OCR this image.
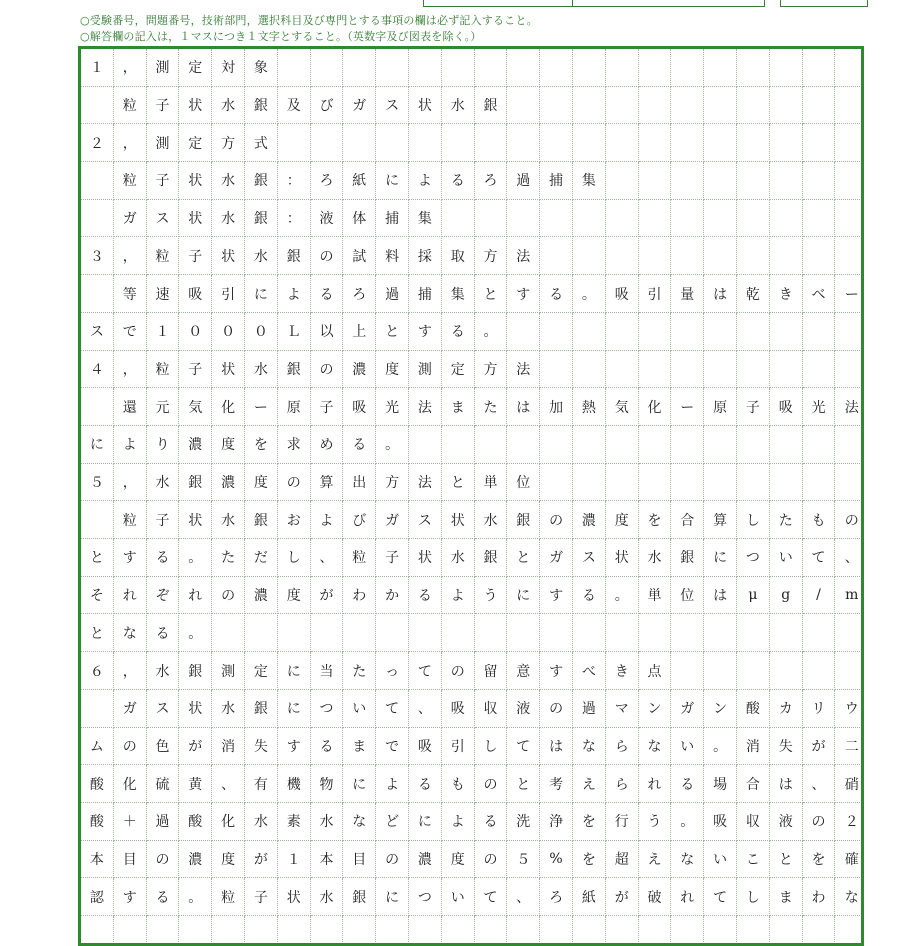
○受験番号，問題番号，技術部門，選択科目及び専門とする事項の欄は必ず記入すること。
○解答欄の記入は，１マスにつき１文字とすること。（英数字及び図表を除く。）
１	，	測	定	対	象
粒	子	状	水	銀	及	び	ガ	ス	状	水	銀
２	，	測	定	方	式
粒	子	状	水	銀	：	ろ	紙	に	よ	る	ろ	過	捕	集
ガ	ス	状	水	銀	：	液	体	捕	集
３	，	粒	子	状	水	銀	の	試	料	採	取	方	法
等	速	吸	引	に	よ	る	ろ	過	捕	集	と	す	る	。	吸	引	量	は	乾	き	ベ	ー
ス	で	１	０	０	０	Ｌ	以	上	と	す	る	。
４	，	粒	子	状	水	銀	の	濃	度	測	定	方	法
還	元	気	化	ー	原	子	吸	光	法	ま	た	は	加	熱	気	化	ー	原	子	吸	光	法
に	よ	り	濃	度	を	求	め	る	。
５	，	水	銀	濃	度	の	算	出	方	法	と	単	位
粒	子	状	水	銀	お	よ	び	ガ	ス	状	水	銀	の	濃	度	を	合	算	し	た	も	の
と	す	る	。	た	だ	し	、	粒	子	状	水	銀	と	ガ	ス	状	水	銀	に	つ	い	て	、
そ	れ	ぞ	れ	の	濃	度	が	わ	か	る	よ	う	に	す	る	。	単	位	は	μ	g	/	m
と	な	る	。
６	，	水	銀	測	定	に	当	た	っ	て	の	留	意	す	べ	き	点
ガ	ス	状	水	銀	に	つ	い	て	、	吸	収	液	の	過	マ	ン	ガ	ン	酸	カ	リ	ウ
ム	の	色	が	消	失	す	る	ま	で	吸	引	し	て	は	な	ら	な	い	。	消	失	が	二
酸	化	硫	黄	、	有	機	物	に	よ	る	も	の	と	考	え	ら	れ	る	場	合	は	、	硝
酸	＋	過	酸	化	水	素	水	な	ど	に	よ	る	洗	浄	を	行	う	。	吸	収	液	の	２
本	目	の	濃	度	が	１	本	目	の	濃	度	の	５	%	を	超	え	な	い	こ	と	を	確
認	す	る	。	粒	子	状	水	銀	に	つ	い	て	、	ろ	紙	が	破	れ	て	し	ま	わ	な
